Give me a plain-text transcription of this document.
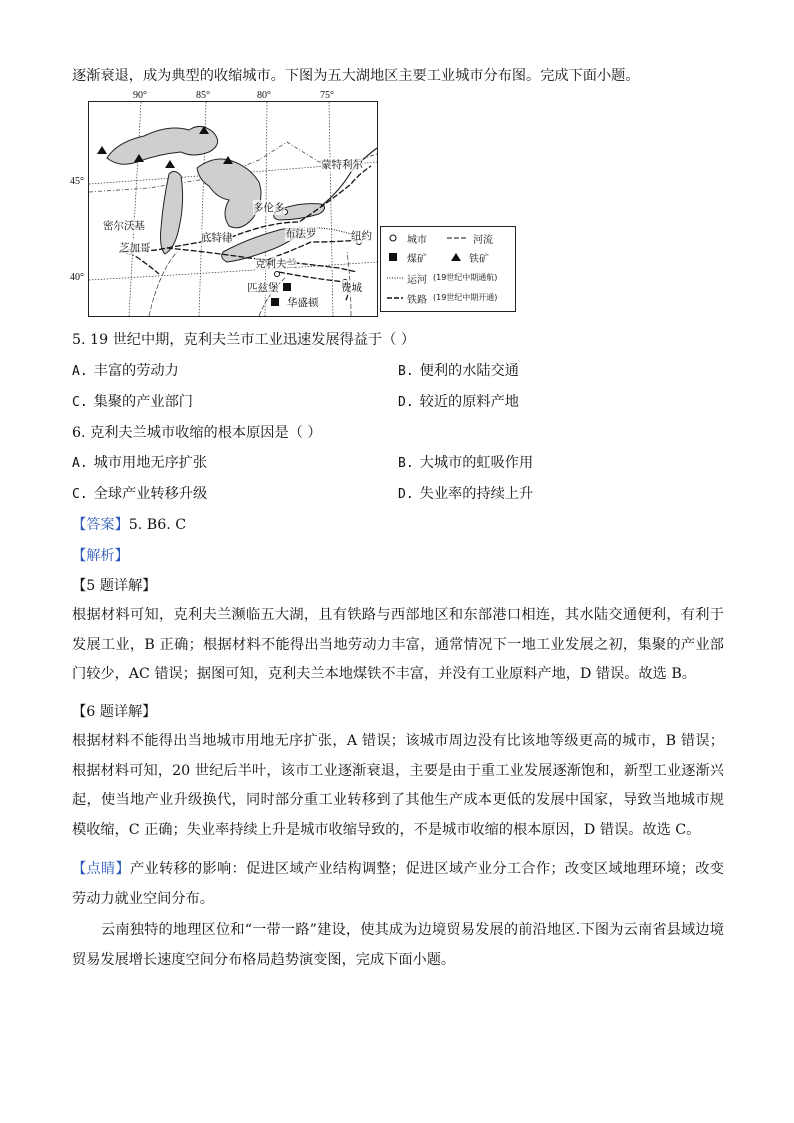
逐渐衰退，成为典型的收缩城市。下图为五大湖地区主要工业城市分布图。完成下面小题。
90°	85°	80°	75°
45°
40°
蒙特利尔
多伦多
密尔沃基
芝加哥
底特律	布法罗
克利夫兰
匹兹堡
纽约
华盛顿
费城
城市	河流
煤矿	铁矿
运河 (19世纪中期通航)
铁路 (19世纪中期开通)
5. 19 世纪中期，克利夫兰市工业迅速发展得益于（ ）
A. 丰富的劳动力	B. 便利的水陆交通
C. 集聚的产业部门	D. 较近的原料产地
6. 克利夫兰城市收缩的根本原因是（ ）
A. 城市用地无序扩张	B. 大城市的虹吸作用
C. 全球产业转移升级	D. 失业率的持续上升
【答案】5. B6. C
【解析】
【5 题详解】
根据材料可知，克利夫兰濒临五大湖，且有铁路与西部地区和东部港口相连，其水陆交通便利，有利于发展工业，B 正确；根据材料不能得出当地劳动力丰富，通常情况下一地工业发展之初，集聚的产业部门较少，AC 错误；据图可知，克利夫兰本地煤铁不丰富，并没有工业原料产地，D 错误。故选 B。
【6 题详解】
根据材料不能得出当地城市用地无序扩张，A 错误；该城市周边没有比该地等级更高的城市，B 错误；根据材料可知，20 世纪后半叶，该市工业逐渐衰退，主要是由于重工业发展逐渐饱和，新型工业逐渐兴起，使当地产业升级换代，同时部分重工业转移到了其他生产成本更低的发展中国家，导致当地城市规模收缩，C 正确；失业率持续上升是城市收缩导致的，不是城市收缩的根本原因，D 错误。故选 C。
【点睛】产业转移的影响：促进区域产业结构调整；促进区域产业分工合作；改变区域地理环境；改变劳动力就业空间分布。
云南独特的地理区位和“一带一路”建设，使其成为边境贸易发展的前沿地区.下图为云南省县域边境贸易发展增长速度空间分布格局趋势演变图，完成下面小题。
